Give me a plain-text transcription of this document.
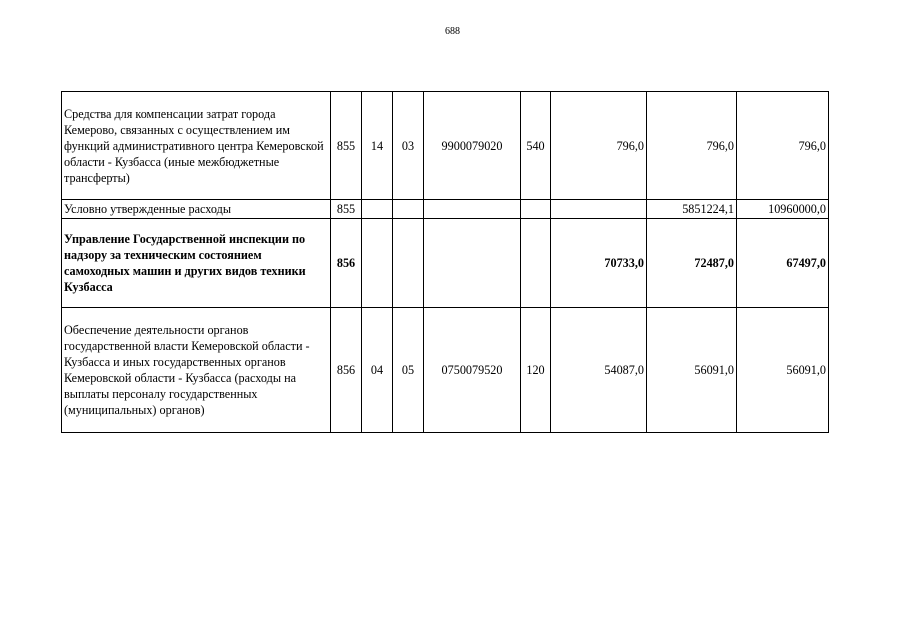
688
Средства для компенсации затрат города Кемерово, связанных с осуществлением им функций административного центра Кемеровской области - Кузбасса (иные межбюджетные трансферты)	855	14	03	9900079020	540	796,0	796,0	796,0
Условно утвержденные расходы	855						5851224,1	10960000,0
Управление Государственной инспекции по надзору за техническим состоянием самоходных машин и других видов техники Кузбасса	856					70733,0	72487,0	67497,0
Обеспечение деятельности органов государственной власти Кемеровской области - Кузбасса и иных государственных органов Кемеровской области - Кузбасса (расходы на выплаты персоналу государственных (муниципальных) органов)	856	04	05	0750079520	120	54087,0	56091,0	56091,0
